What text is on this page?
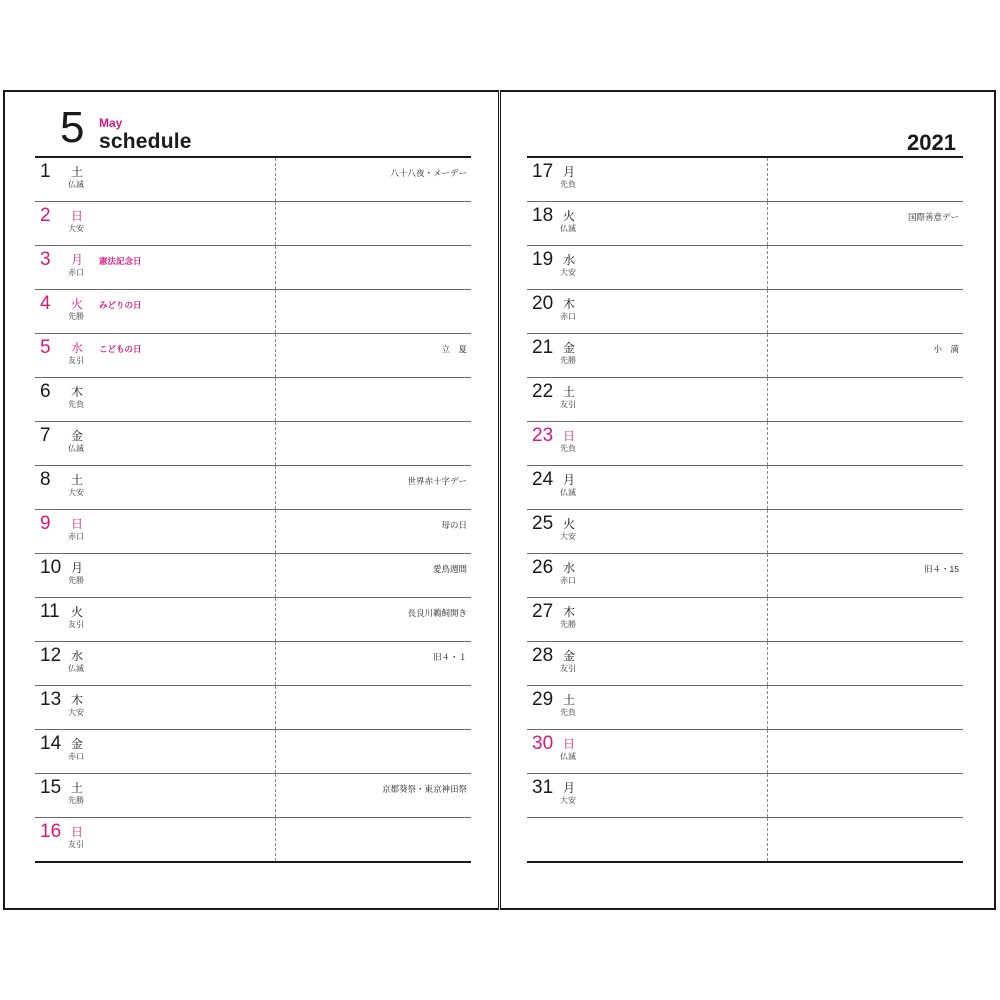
5 May
schedule
1 土
仏滅
八十八夜・メーデー
2 日
大安
3 月
赤口
憲法記念日
4 火
先勝
みどりの日
5 水
友引
こどもの日	立　夏
6 木
先負
7 金
仏滅
8 土
大安
世界赤十字デー
9 日
赤口
母の日
10 月
先勝
愛鳥週間
11 火
友引
長良川鵜飼開き
12 水
仏滅
旧４・１
13 木
大安
14 金
赤口
15 土
先勝
京都葵祭・東京神田祭
16 日
友引
2021
17 月
先負
18 火
仏滅
国際善意デー
19 水
大安
20 木
赤口
21 金
先勝
小　満
22 土
友引
23 日
先負
24 月
仏滅
25 火
大安
26 水
赤口
旧４・15
27 木
先勝
28 金
友引
29 土
先負
30 日
仏滅
31 月
大安
